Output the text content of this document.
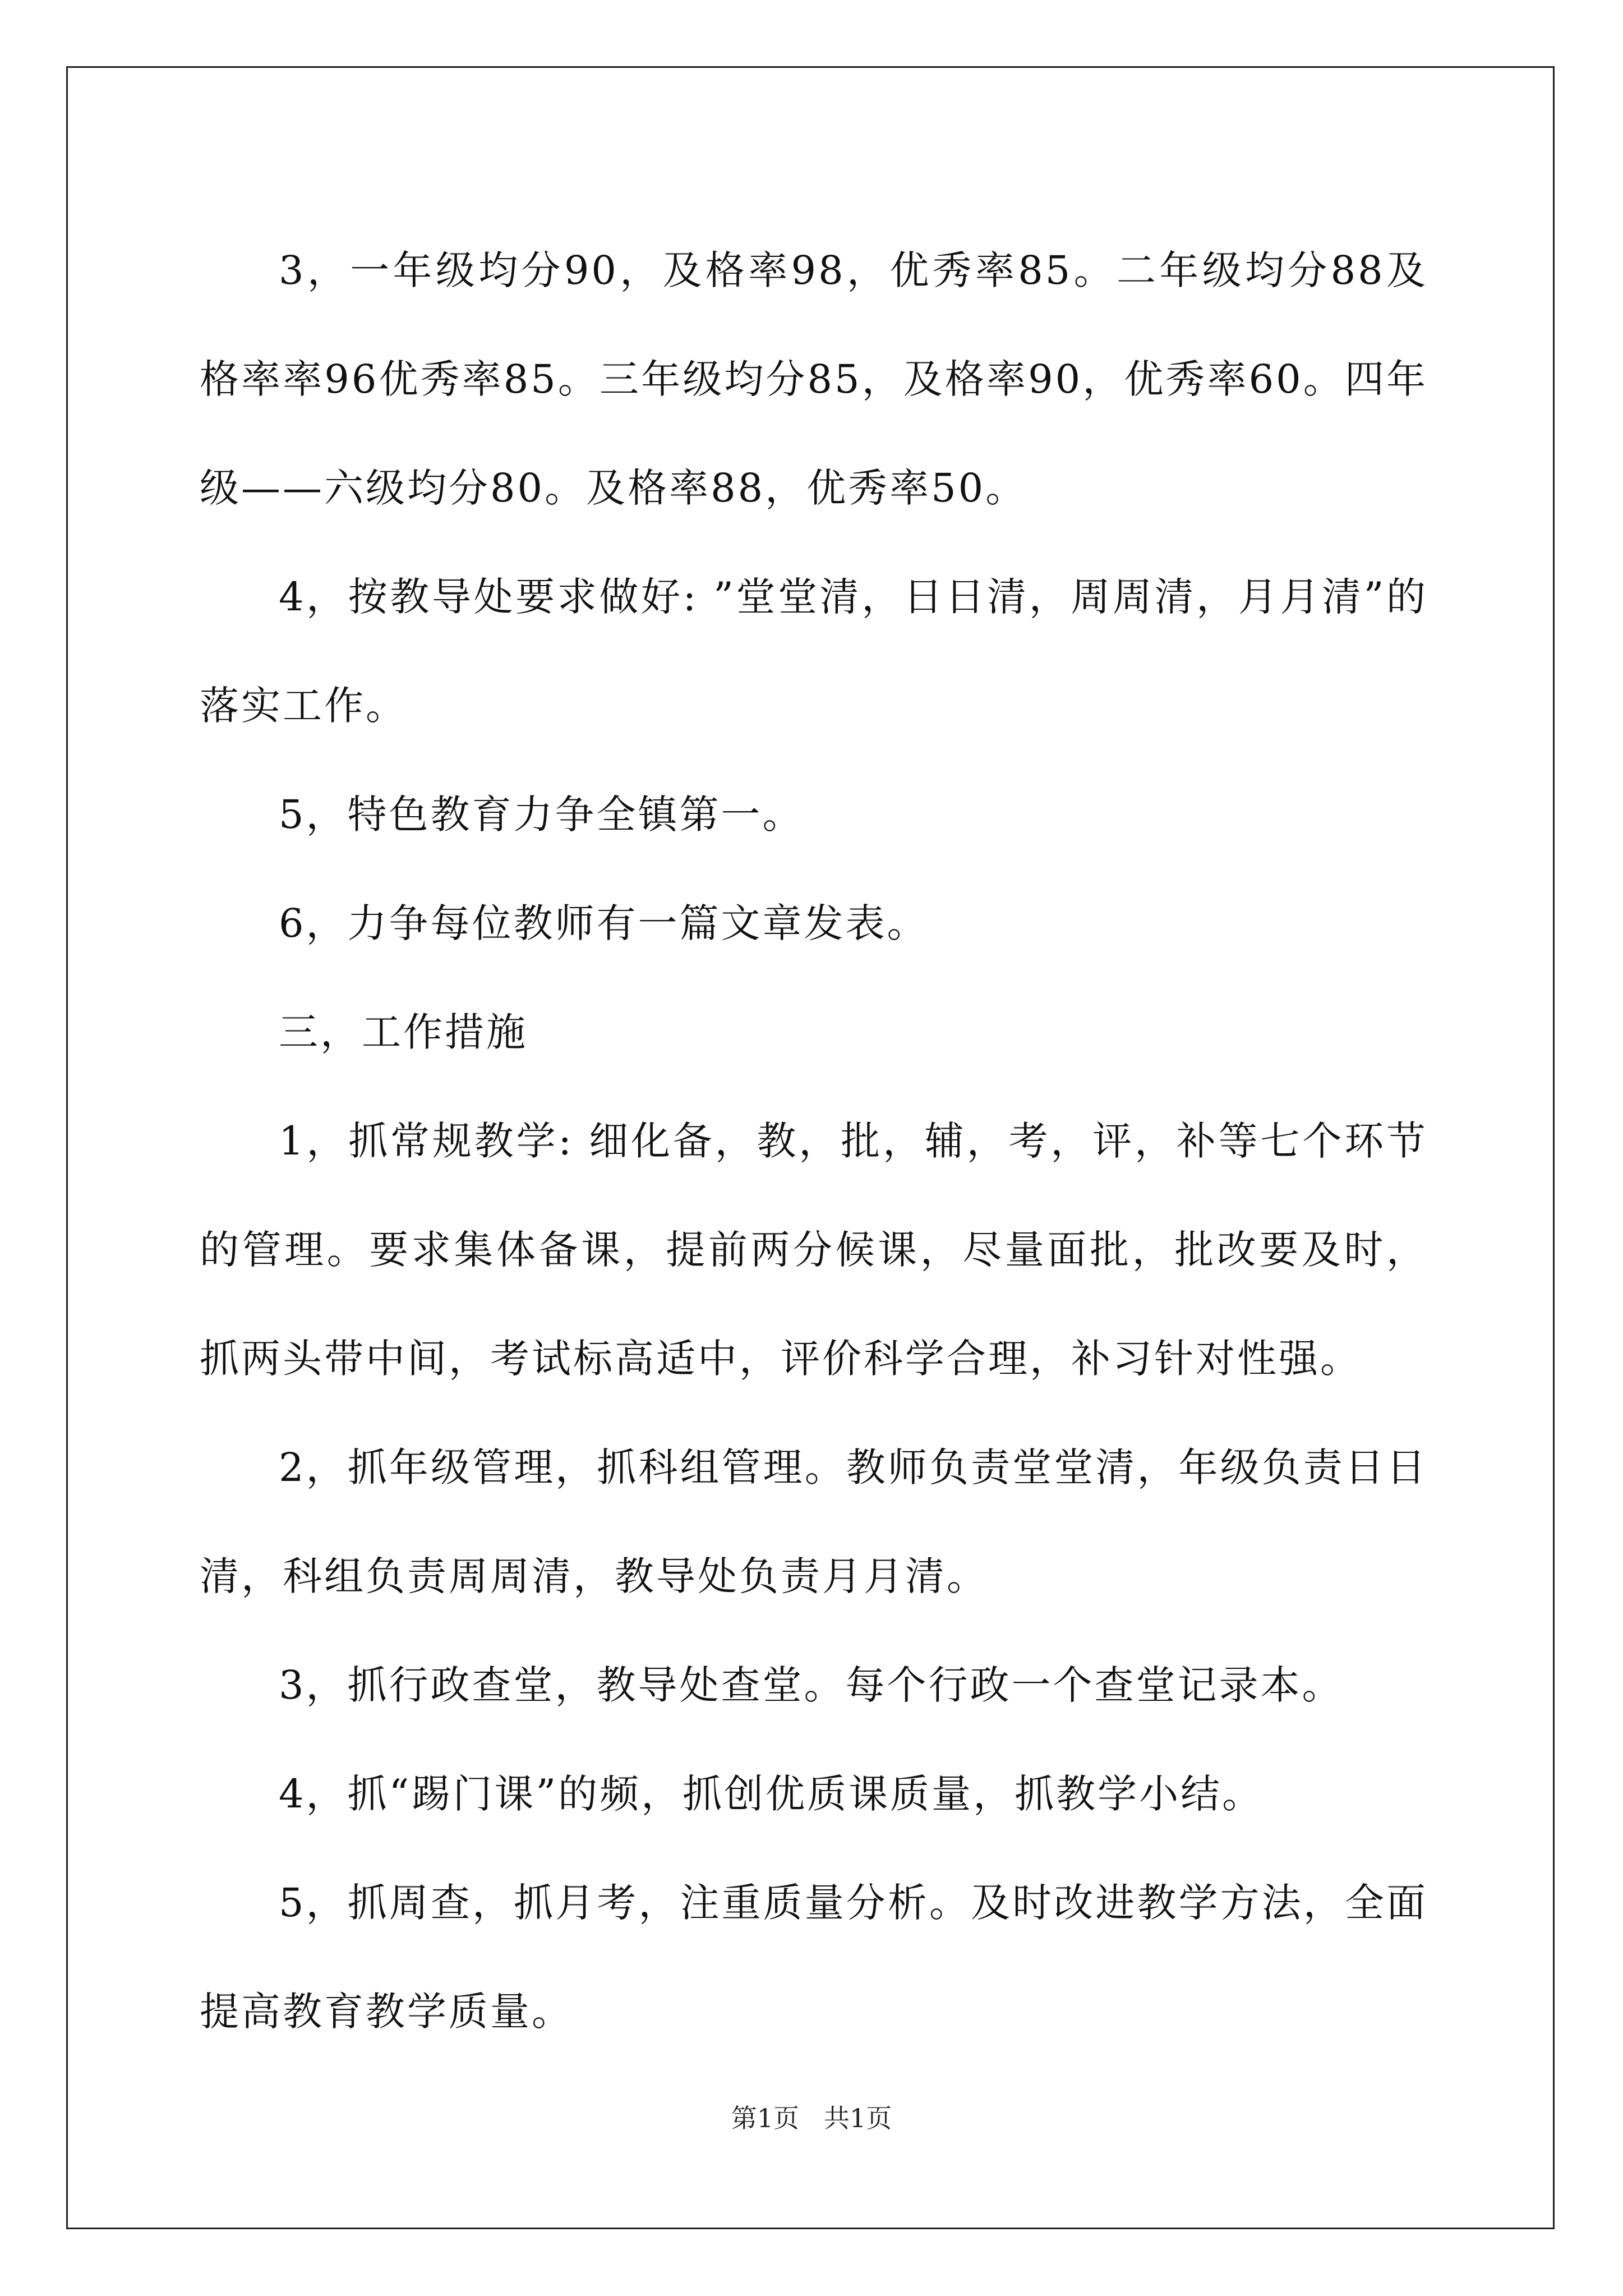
3，一年级均分90，及格率98，优秀率85。二年级均分88及格率率96优秀率85。三年级均分85，及格率90，优秀率60。四年级——六级均分80。及格率88，优秀率50。

4，按教导处要求做好: ”堂堂清，日日清，周周清，月月清”的落实工作。

5，特色教育力争全镇第一。

6，力争每位教师有一篇文章发表。

三，工作措施

1，抓常规教学: 细化备，教，批，辅，考，评，补等七个环节的管理。要求集体备课，提前两分候课，尽量面批，批改要及时，抓两头带中间，考试标高适中，评价科学合理，补习针对性强。

2，抓年级管理，抓科组管理。教师负责堂堂清，年级负责日日清，科组负责周周清，教导处负责月月清。

3，抓行政查堂，教导处查堂。每个行政一个查堂记录本。

4，抓“踢门课”的频，抓创优质课质量，抓教学小结。

5，抓周查，抓月考，注重质量分析。及时改进教学方法，全面提高教育教学质量。

第1页 共1页
